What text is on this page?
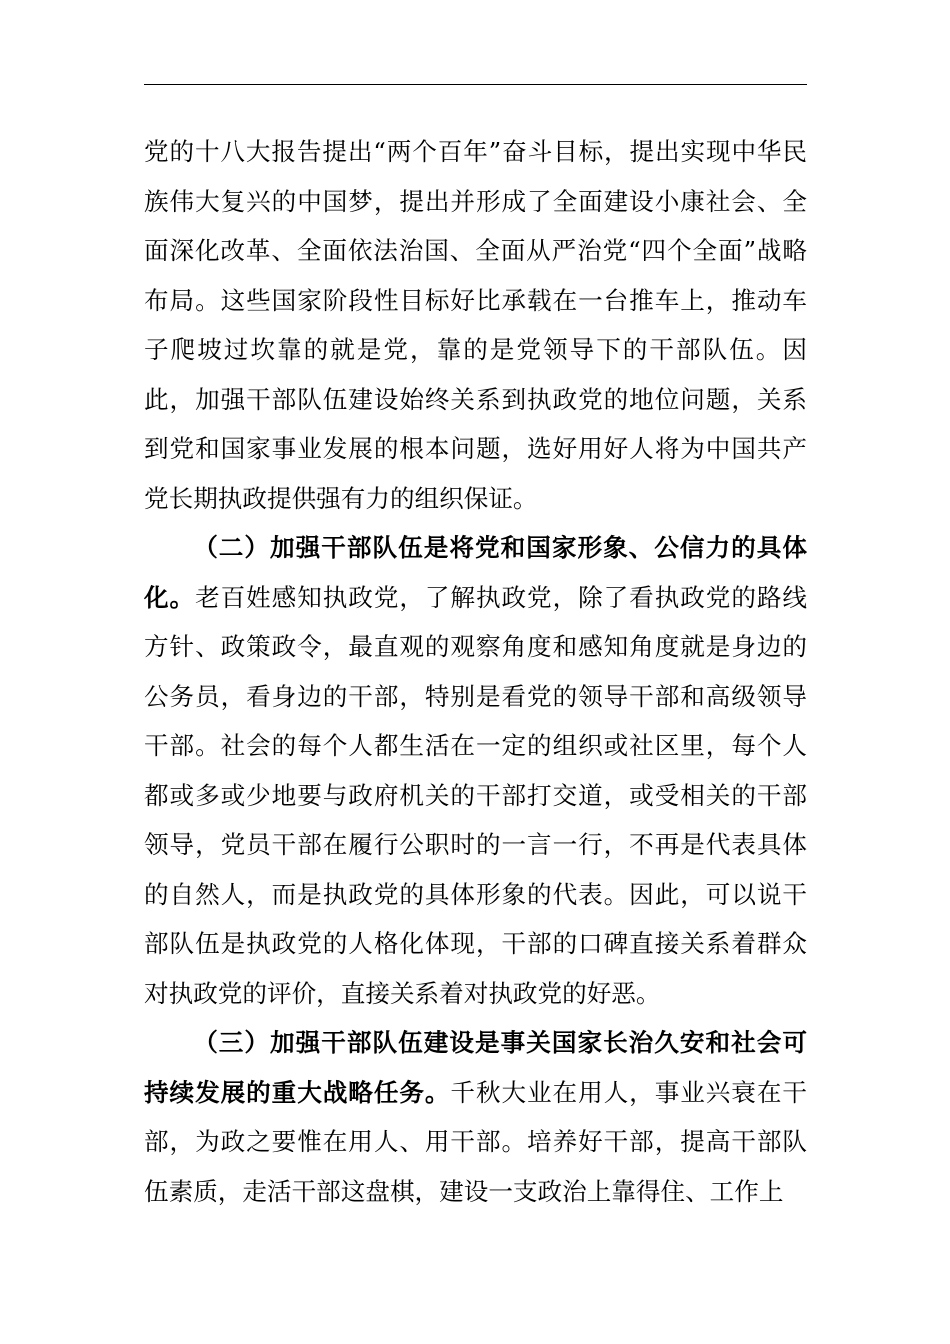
党的十八大报告提出“两个百年”奋斗目标，提出实现中华民族伟大复兴的中国梦，提出并形成了全面建设小康社会、全面深化改革、全面依法治国、全面从严治党“四个全面”战略布局。这些国家阶段性目标好比承载在一台推车上，推动车子爬坡过坎靠的就是党，靠的是党领导下的干部队伍。因此，加强干部队伍建设始终关系到执政党的地位问题，关系到党和国家事业发展的根本问题，选好用好人将为中国共产党长期执政提供强有力的组织保证。

（二）加强干部队伍是将党和国家形象、公信力的具体化。老百姓感知执政党，了解执政党，除了看执政党的路线方针、政策政令，最直观的观察角度和感知角度就是身边的公务员，看身边的干部，特别是看党的领导干部和高级领导干部。社会的每个人都生活在一定的组织或社区里，每个人都或多或少地要与政府机关的干部打交道，或受相关的干部领导，党员干部在履行公职时的一言一行，不再是代表具体的自然人，而是执政党的具体形象的代表。因此，可以说干部队伍是执政党的人格化体现，干部的口碑直接关系着群众对执政党的评价，直接关系着对执政党的好恶。

（三）加强干部队伍建设是事关国家长治久安和社会可持续发展的重大战略任务。千秋大业在用人，事业兴衰在干部，为政之要惟在用人、用干部。培养好干部，提高干部队伍素质，走活干部这盘棋，建设一支政治上靠得住、工作上
